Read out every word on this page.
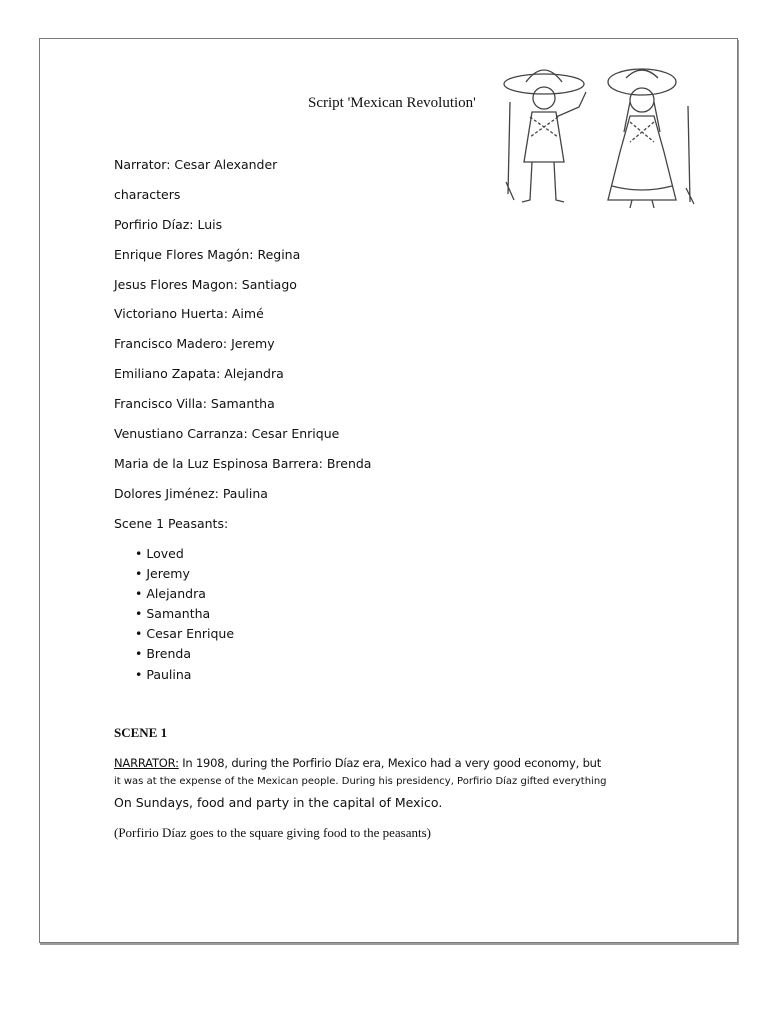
Script 'Mexican Revolution'
Narrator: Cesar Alexander
characters
Porfirio Díaz: Luis
Enrique Flores Magón: Regina
Jesus Flores Magon: Santiago
Victoriano Huerta: Aimé
Francisco Madero: Jeremy
Emiliano Zapata: Alejandra
Francisco Villa: Samantha
Venustiano Carranza: Cesar Enrique
Maria de la Luz Espinosa Barrera: Brenda
Dolores Jiménez: Paulina
Scene 1 Peasants:
• Loved
• Jeremy
• Alejandra
• Samantha
• Cesar Enrique
• Brenda
• Paulina
SCENE 1
NARRATOR: In 1908, during the Porfirio Díaz era, Mexico had a very good economy, but
it was at the expense of the Mexican people. During his presidency, Porfirio Díaz gifted everything
On Sundays, food and party in the capital of Mexico.
(Porfirio Díaz goes to the square giving food to the peasants)
